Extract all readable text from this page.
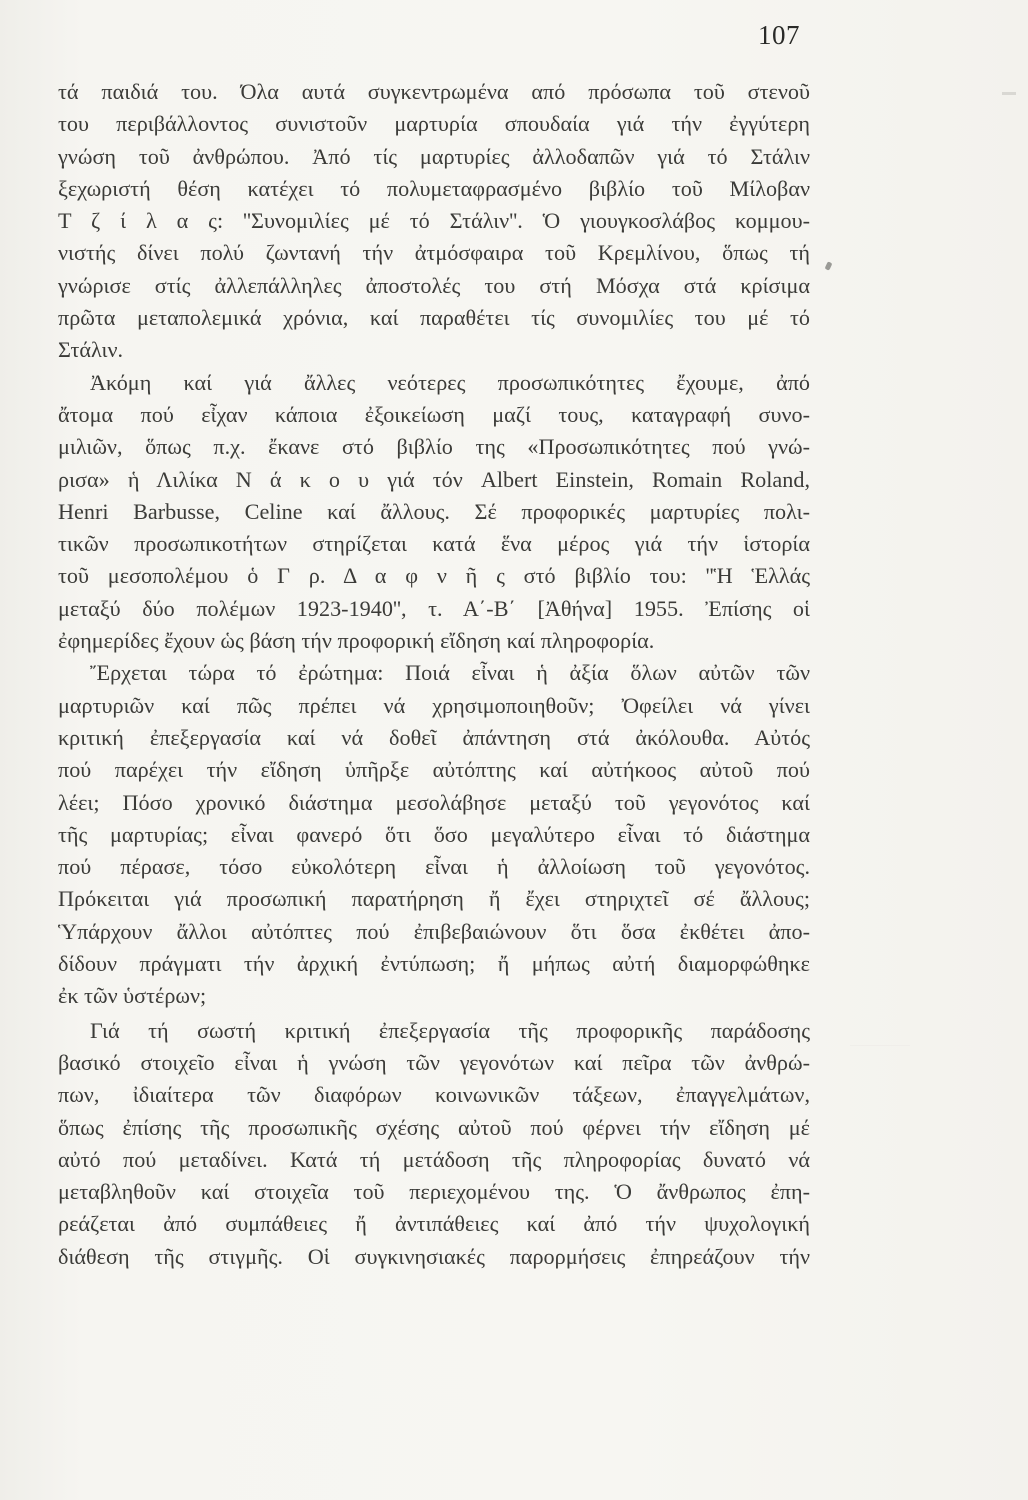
107
τά παιδιά του. Όλα αυτά συγκεντρωμένα από πρόσωπα τοῦ στενοῦ
του περιβάλλοντος συνιστοῦν μαρτυρία σπουδαία γιά τήν ἐγγύτερη
γνώση τοῦ ἀνθρώπου. Ἀπό τίς μαρτυρίες ἀλλοδαπῶν γιά τό Στάλιν
ξεχωριστή θέση κατέχει τό πολυμεταφρασμένο βιβλίο τοῦ Μίλοβαν
Τ ζ ί λ α ς: ''Συνομιλίες μέ τό Στάλιν''. Ὁ γιουγκοσλάβος κομμου-
νιστής δίνει πολύ ζωντανή τήν ἀτμόσφαιρα τοῦ Κρεμλίνου, ὅπως τή
γνώρισε στίς ἀλλεπάλληλες ἀποστολές του στή Μόσχα στά κρίσιμα
πρῶτα μεταπολεμικά χρόνια, καί παραθέτει τίς συνομιλίες του μέ τό
Στάλιν.
Ἀκόμη καί γιά ἄλλες νεότερες προσωπικότητες ἔχουμε, ἀπό
ἄτομα πού εἶχαν κάποια ἐξοικείωση μαζί τους, καταγραφή συνο-
μιλιῶν, ὅπως π.χ. ἔκανε στό βιβλίο της «Προσωπικότητες πού γνώ-
ρισα» ἡ Λιλίκα Ν ά κ ο υ γιά τόν Albert Einstein, Romain Roland,
Henri Barbusse, Celine καί ἄλλους. Σέ προφορικές μαρτυρίες πολι-
τικῶν προσωπικοτήτων στηρίζεται κατά ἕνα μέρος γιά τήν ἱστορία
τοῦ μεσοπολέμου ὁ Γ ρ. Δ α φ ν ῆ ς στό βιβλίο του: ''Ἡ Ἑλλάς
μεταξύ δύο πολέμων 1923-1940'', τ. Α΄-Β΄ [Ἀθήνα] 1955. Ἐπίσης οἱ
ἐφημερίδες ἔχουν ὡς βάση τήν προφορική εἴδηση καί πληροφορία.
Ἔρχεται τώρα τό ἐρώτημα: Ποιά εἶναι ἡ ἀξία ὅλων αὐτῶν τῶν
μαρτυριῶν καί πῶς πρέπει νά χρησιμοποιηθοῦν; Ὀφείλει νά γίνει
κριτική ἐπεξεργασία καί νά δοθεῖ ἀπάντηση στά ἀκόλουθα. Αὐτός
πού παρέχει τήν εἴδηση ὑπῆρξε αὐτόπτης καί αὐτήκοος αὐτοῦ πού
λέει; Πόσο χρονικό διάστημα μεσολάβησε μεταξύ τοῦ γεγονότος καί
τῆς μαρτυρίας; εἶναι φανερό ὅτι ὅσο μεγαλύτερο εἶναι τό διάστημα
πού πέρασε, τόσο εὐκολότερη εἶναι ἡ ἀλλοίωση τοῦ γεγονότος.
Πρόκειται γιά προσωπική παρατήρηση ἤ ἔχει στηριχτεῖ σέ ἄλλους;
Ὑπάρχουν ἄλλοι αὐτόπτες πού ἐπιβεβαιώνουν ὅτι ὅσα ἐκθέτει ἀπο-
δίδουν πράγματι τήν ἀρχική ἐντύπωση; ἤ μήπως αὐτή διαμορφώθηκε
ἐκ τῶν ὑστέρων;
Γιά τή σωστή κριτική ἐπεξεργασία τῆς προφορικῆς παράδοσης
βασικό στοιχεῖο εἶναι ἡ γνώση τῶν γεγονότων καί πεῖρα τῶν ἀνθρώ-
πων, ἰδιαίτερα τῶν διαφόρων κοινωνικῶν τάξεων, ἐπαγγελμάτων,
ὅπως ἐπίσης τῆς προσωπικῆς σχέσης αὐτοῦ πού φέρνει τήν εἴδηση μέ
αὐτό πού μεταδίνει. Κατά τή μετάδοση τῆς πληροφορίας δυνατό νά
μεταβληθοῦν καί στοιχεῖα τοῦ περιεχομένου της. Ὁ ἄνθρωπος ἐπη-
ρεάζεται ἀπό συμπάθειες ἤ ἀντιπάθειες καί ἀπό τήν ψυχολογική
διάθεση τῆς στιγμῆς. Οἱ συγκινησιακές παρορμήσεις ἐπηρεάζουν τήν
